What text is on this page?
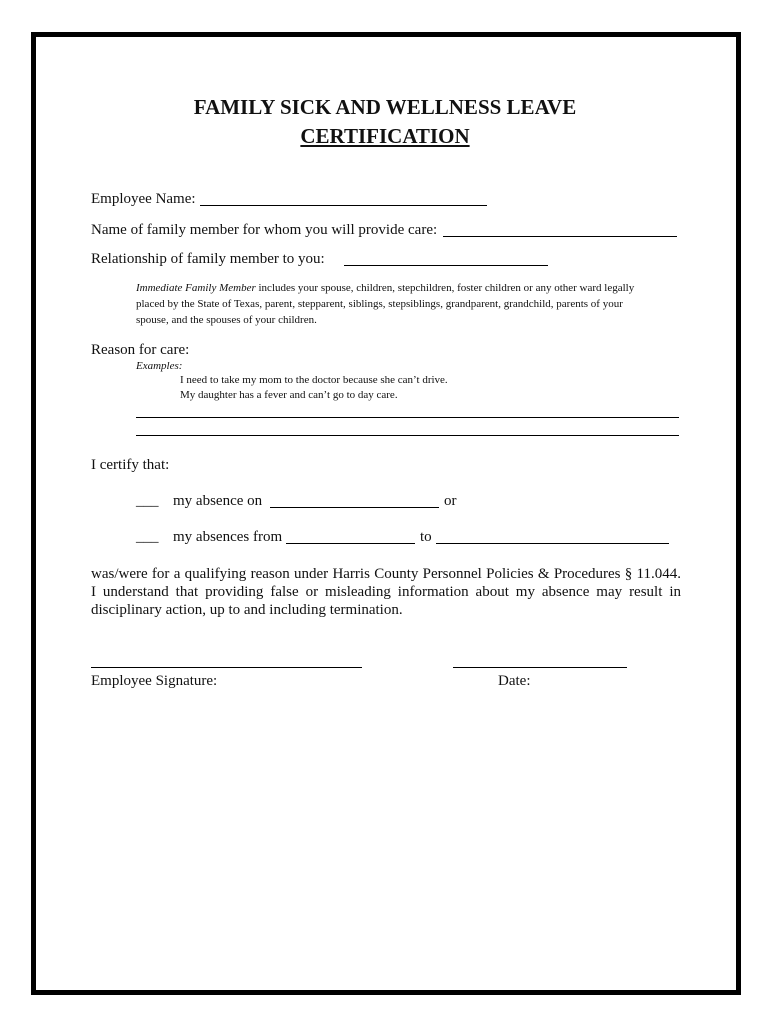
FAMILY SICK AND WELLNESS LEAVE
CERTIFICATION
Employee Name:
Name of family member for whom you will provide care:
Relationship of family member to you:
Immediate Family Member includes your spouse, children, stepchildren, foster children or any other ward legally placed by the State of Texas, parent, stepparent, siblings, stepsiblings, grandparent, grandchild, parents of your spouse, and the spouses of your children.
Reason for care:
Examples:
I need to take my mom to the doctor because she can’t drive.
My daughter has a fever and can’t go to day care.
I certify that:
___ my absence on	or
___ my absences from	to
was/were for a qualifying reason under Harris County Personnel Policies & Procedures § 11.044. I understand that providing false or misleading information about my absence may result in disciplinary action, up to and including termination.
Employee Signature:	Date:
